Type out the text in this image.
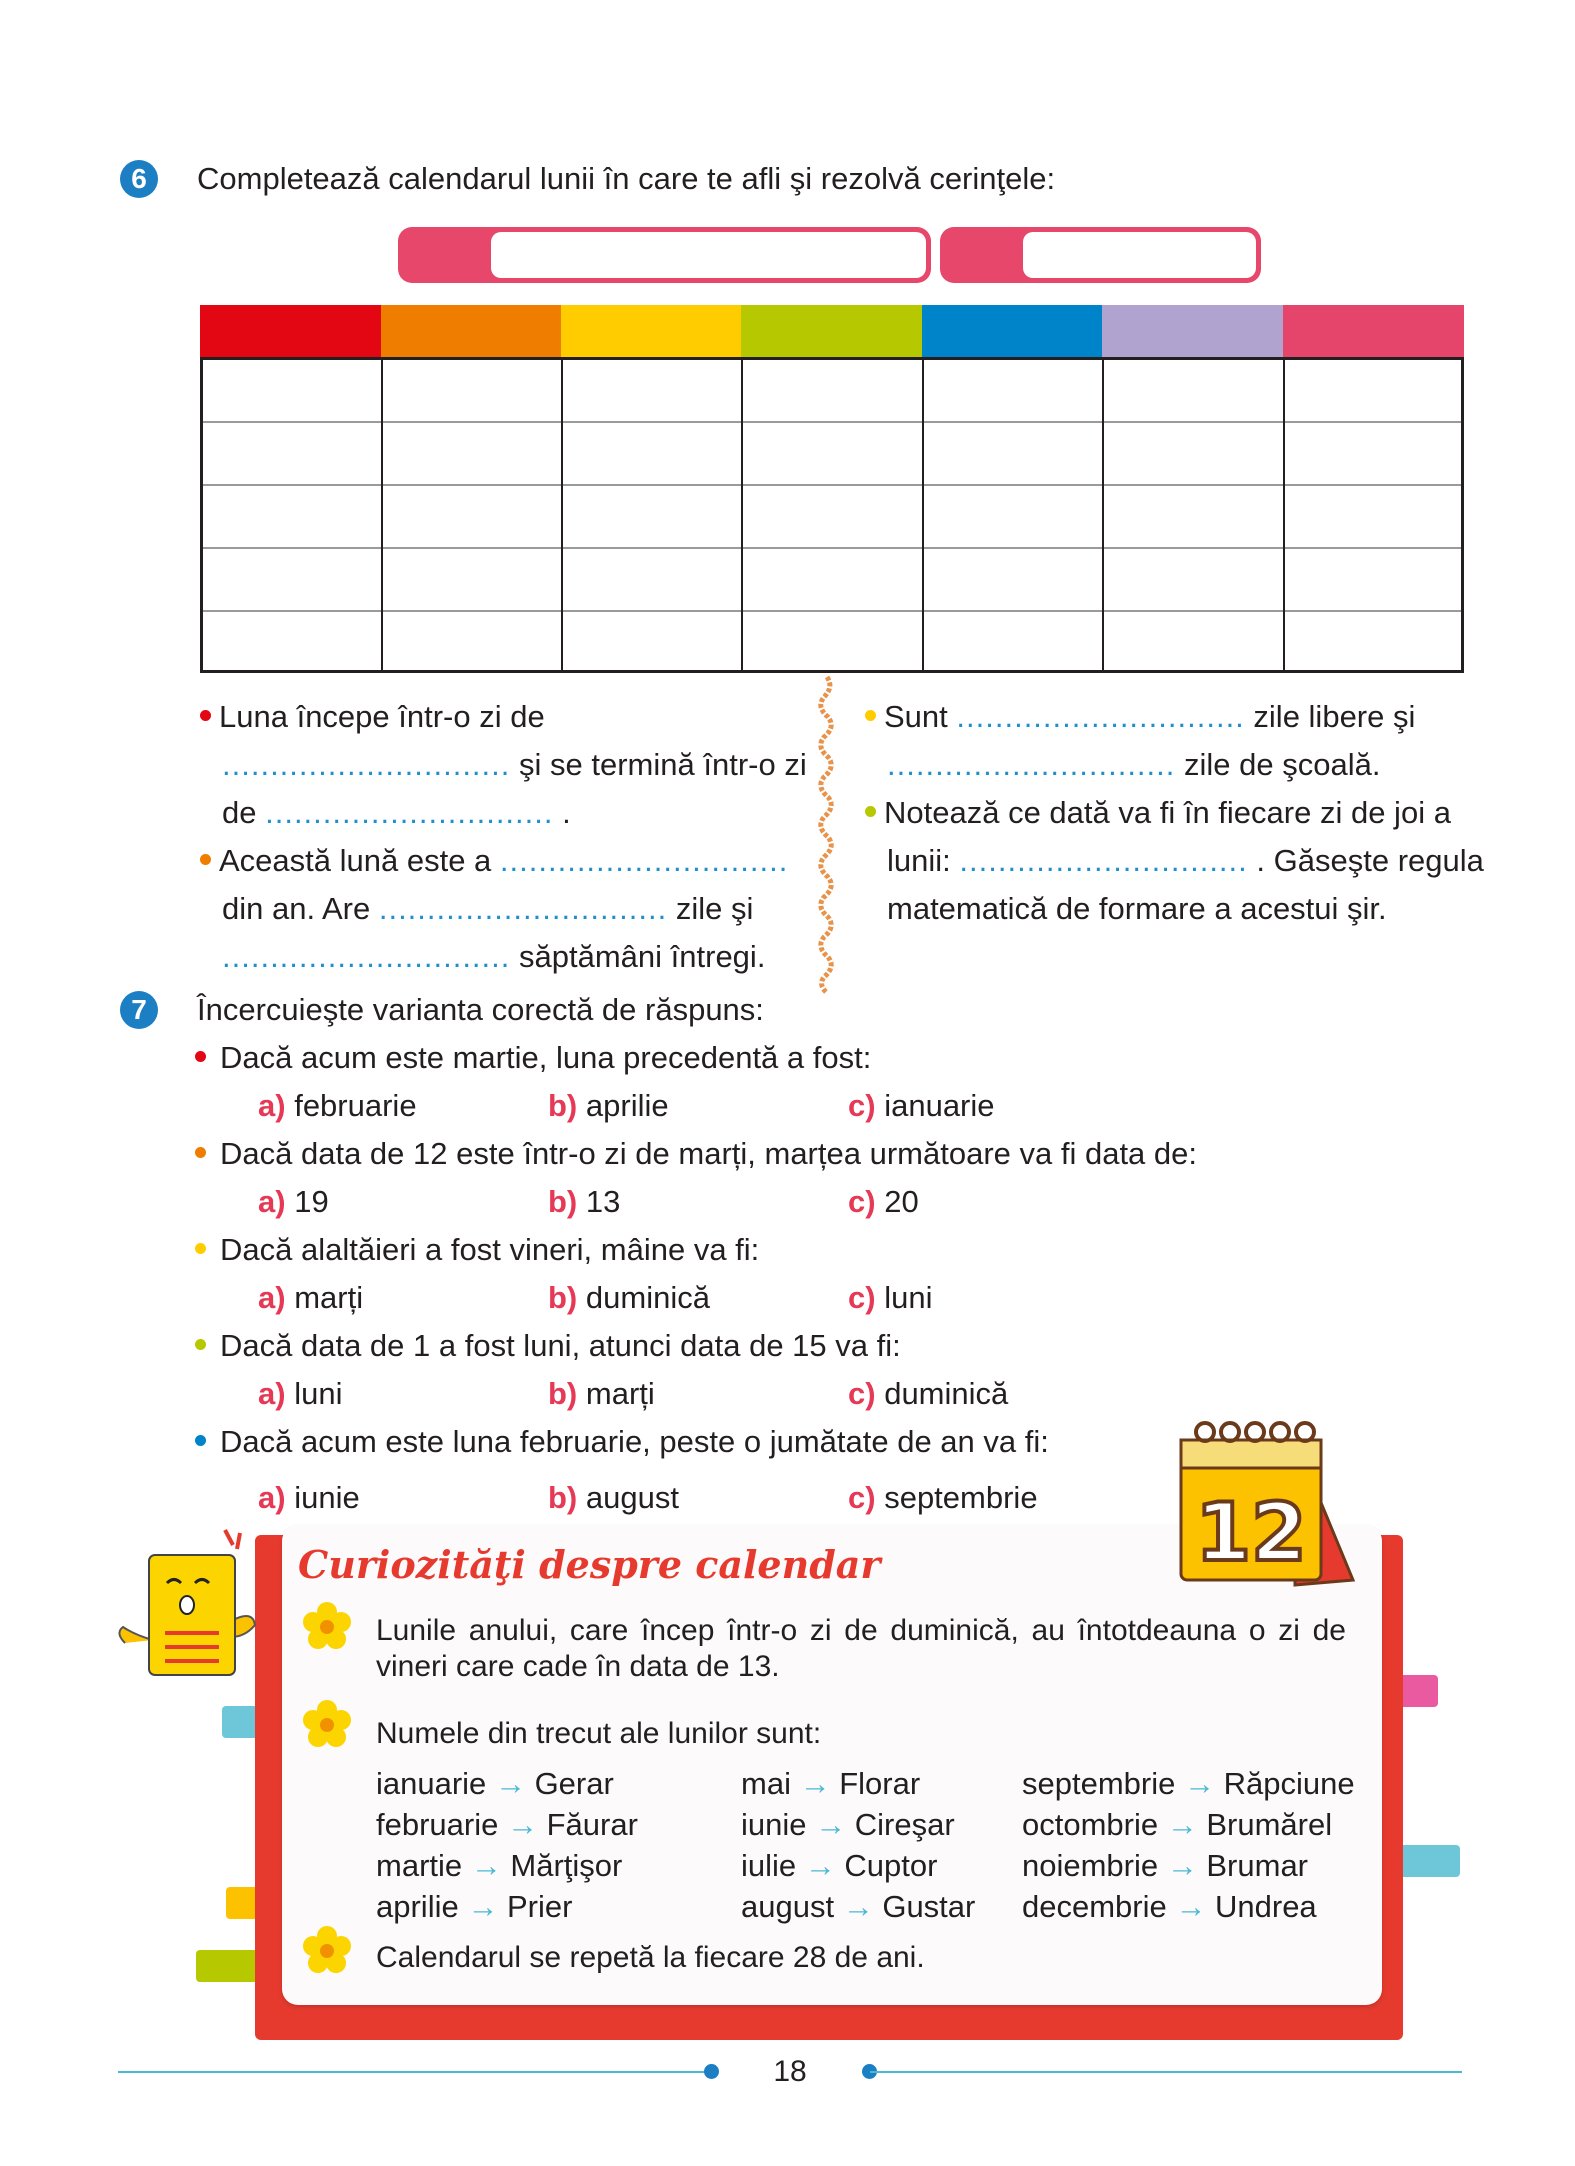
6	Completează calendarul lunii în care te afli şi rezolvă cerinţele:
Luna începe într-o zi de
.............................. şi se termină într-o zi
de .............................. .
Această lună este a ..............................
din an. Are .............................. zile şi
.............................. săptămâni întregi.
Sunt .............................. zile libere şi
.............................. zile de şcoală.
Notează ce dată va fi în fiecare zi de joi a
lunii: .............................. . Găseşte regula
matematică de formare a acestui şir.
7	Încercuieşte varianta corectă de răspuns:
Dacă acum este martie, luna precedentă a fost:
a) februarie	b) aprilie	c) ianuarie
Dacă data de 12 este într-o zi de marți, marțea următoare va fi data de:
a) 19	b) 13	c) 20
Dacă alaltăieri a fost vineri, mâine va fi:
a) marți	b) duminică	c) luni
Dacă data de 1 a fost luni, atunci data de 15 va fi:
a) luni	b) marți	c) duminică
Dacă acum este luna februarie, peste o jumătate de an va fi:
a) iunie	b) august	c) septembrie
Curiozităţi despre calendar	12
Lunile anului, care încep într-o zi de duminică, au întotdeauna o zi de vineri care cade în data de 13.
Numele din trecut ale lunilor sunt:
ianuarie → Gerar
februarie → Făurar
martie → Mărţişor
aprilie → Prier
mai → Florar
iunie → Cireşar
iulie → Cuptor
august → Gustar
septembrie → Răpciune
octombrie → Brumărel
noiembrie → Brumar
decembrie → Undrea
Calendarul se repetă la fiecare 28 de ani.
18
